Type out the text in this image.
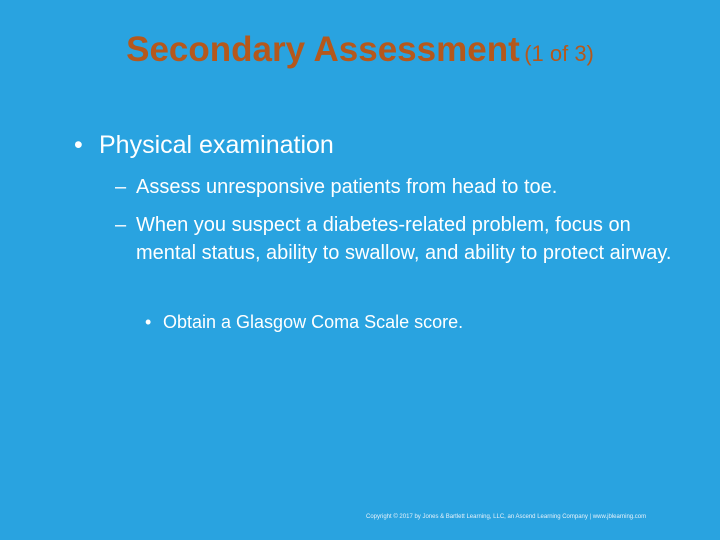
Secondary Assessment (1 of 3)
• Physical examination
– Assess unresponsive patients from head to toe.
– When you suspect a diabetes-related problem, focus on mental status, ability to swallow, and ability to protect airway.
• Obtain a Glasgow Coma Scale score.
Copyright © 2017 by Jones & Bartlett Learning, LLC, an Ascend Learning Company | www.jblearning.com
